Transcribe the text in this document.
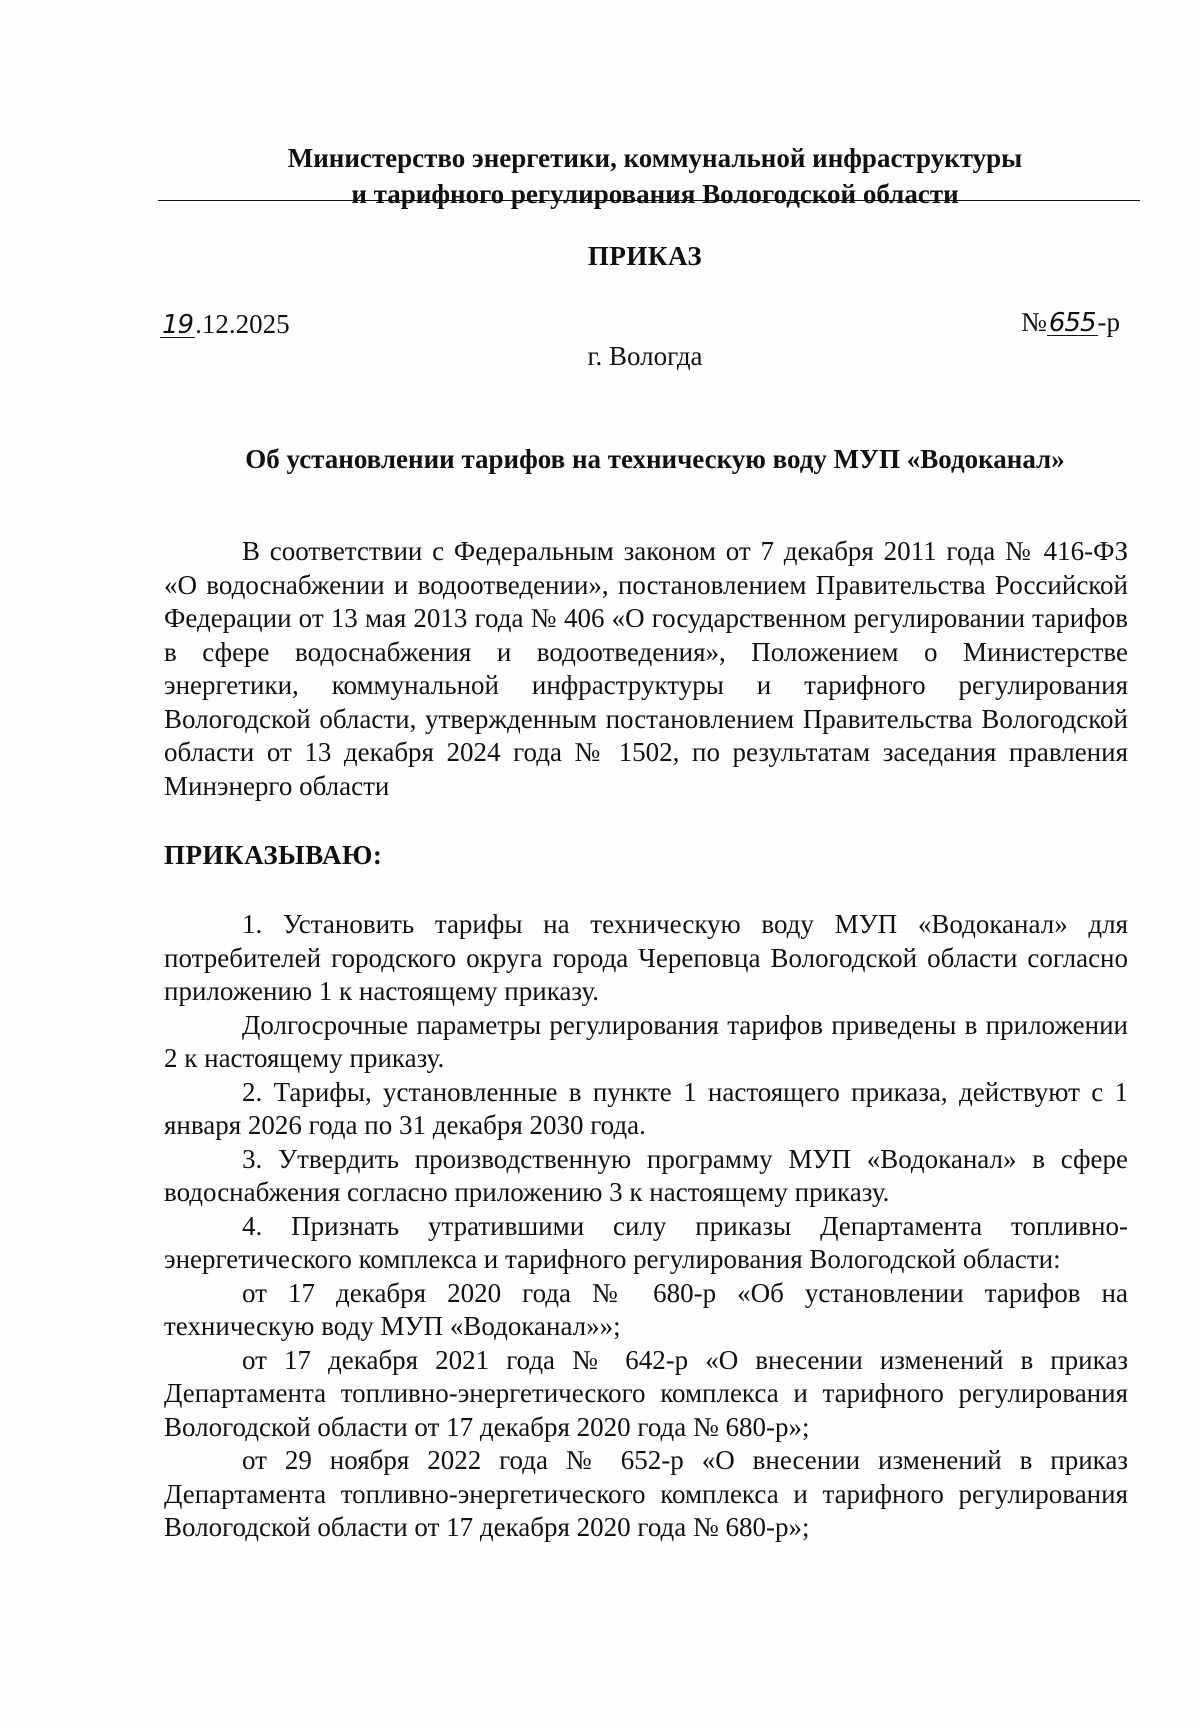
Министерство энергетики, коммунальной инфраструктуры
и тарифного регулирования Вологодской области
ПРИКАЗ
19.12.2025	№655-р
г. Вологда
Об установлении тарифов на техническую воду МУП «Водоканал»

В соответствии с Федеральным законом от 7 декабря 2011 года № 416-ФЗ «О водоснабжении и водоотведении», постановлением Правительства Российской Федерации от 13 мая 2013 года № 406 «О государственном регулировании тарифов в сфере водоснабжения и водоотведения», Положением о Министерстве энергетики, коммунальной инфраструктуры и тарифного регулирования Вологодской области, утвержденным постановлением Правительства Вологодской области от 13 декабря 2024 года № 1502, по результатам заседания правления Минэнерго области

ПРИКАЗЫВАЮ:

1. Установить тарифы на техническую воду МУП «Водоканал» для потребителей городского округа города Череповца Вологодской области согласно приложению 1 к настоящему приказу.

Долгосрочные параметры регулирования тарифов приведены в приложении 2 к настоящему приказу.

2. Тарифы, установленные в пункте 1 настоящего приказа, действуют с 1 января 2026 года по 31 декабря 2030 года.

3. Утвердить производственную программу МУП «Водоканал» в сфере водоснабжения согласно приложению 3 к настоящему приказу.

4. Признать утратившими силу приказы Департамента топливно-энергетического комплекса и тарифного регулирования Вологодской области:

от 17 декабря 2020 года № 680-р «Об установлении тарифов на техническую воду МУП «Водоканал»»;

от 17 декабря 2021 года № 642-р «О внесении изменений в приказ Департамента топливно-энергетического комплекса и тарифного регулирования Вологодской области от 17 декабря 2020 года № 680-р»;

от 29 ноября 2022 года № 652-р «О внесении изменений в приказ Департамента топливно-энергетического комплекса и тарифного регулирования Вологодской области от 17 декабря 2020 года № 680-р»;
